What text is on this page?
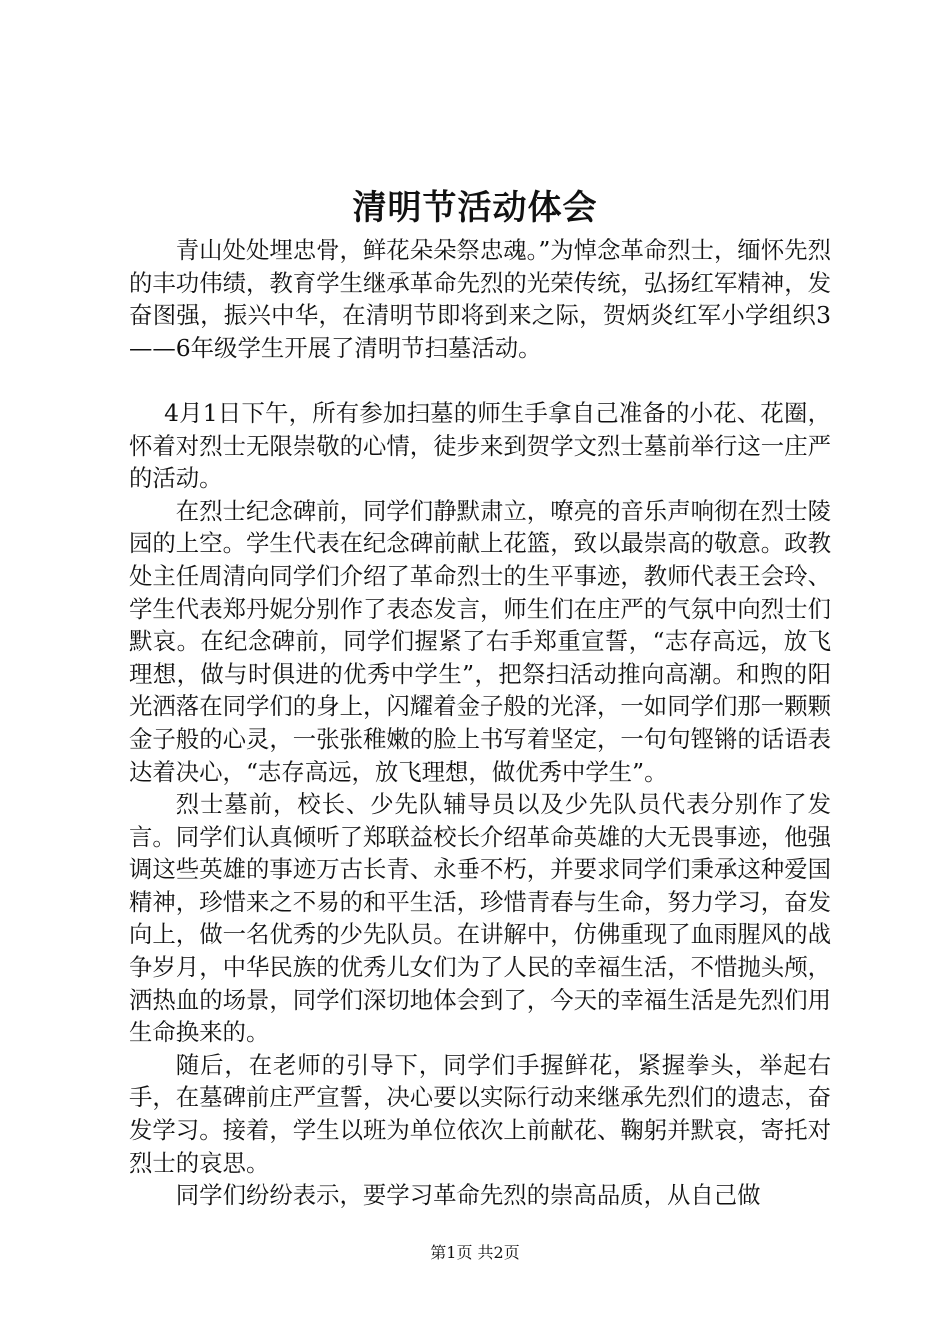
清明节活动体会

青山处处埋忠骨，鲜花朵朵祭忠魂。”为悼念革命烈士，缅怀先烈的丰功伟绩，教育学生继承革命先烈的光荣传统，弘扬红军精神，发奋图强，振兴中华，在清明节即将到来之际，贺炳炎红军小学组织3——6年级学生开展了清明节扫墓活动。

4月1日下午，所有参加扫墓的师生手拿自己准备的小花、花圈，怀着对烈士无限崇敬的心情，徒步来到贺学文烈士墓前举行这一庄严的活动。

在烈士纪念碑前，同学们静默肃立，嘹亮的音乐声响彻在烈士陵园的上空。学生代表在纪念碑前献上花篮，致以最崇高的敬意。政教处主任周清向同学们介绍了革命烈士的生平事迹，教师代表王会玲、学生代表郑丹妮分别作了表态发言，师生们在庄严的气氛中向烈士们默哀。在纪念碑前，同学们握紧了右手郑重宣誓，“志存高远，放飞理想，做与时俱进的优秀中学生”，把祭扫活动推向高潮。和煦的阳光洒落在同学们的身上，闪耀着金子般的光泽，一如同学们那一颗颗金子般的心灵，一张张稚嫩的脸上书写着坚定，一句句铿锵的话语表达着决心，“志存高远，放飞理想，做优秀中学生”。

烈士墓前，校长、少先队辅导员以及少先队员代表分别作了发言。同学们认真倾听了郑联益校长介绍革命英雄的大无畏事迹，他强调这些英雄的事迹万古长青、永垂不朽，并要求同学们秉承这种爱国精神，珍惜来之不易的和平生活，珍惜青春与生命，努力学习，奋发向上，做一名优秀的少先队员。在讲解中，仿佛重现了血雨腥风的战争岁月，中华民族的优秀儿女们为了人民的幸福生活，不惜抛头颅，洒热血的场景，同学们深切地体会到了，今天的幸福生活是先烈们用生命换来的。

随后，在老师的引导下，同学们手握鲜花，紧握拳头，举起右手，在墓碑前庄严宣誓，决心要以实际行动来继承先烈们的遗志，奋发学习。接着，学生以班为单位依次上前献花、鞠躬并默哀，寄托对烈士的哀思。

同学们纷纷表示，要学习革命先烈的崇高品质，从自己做

第1页 共2页
